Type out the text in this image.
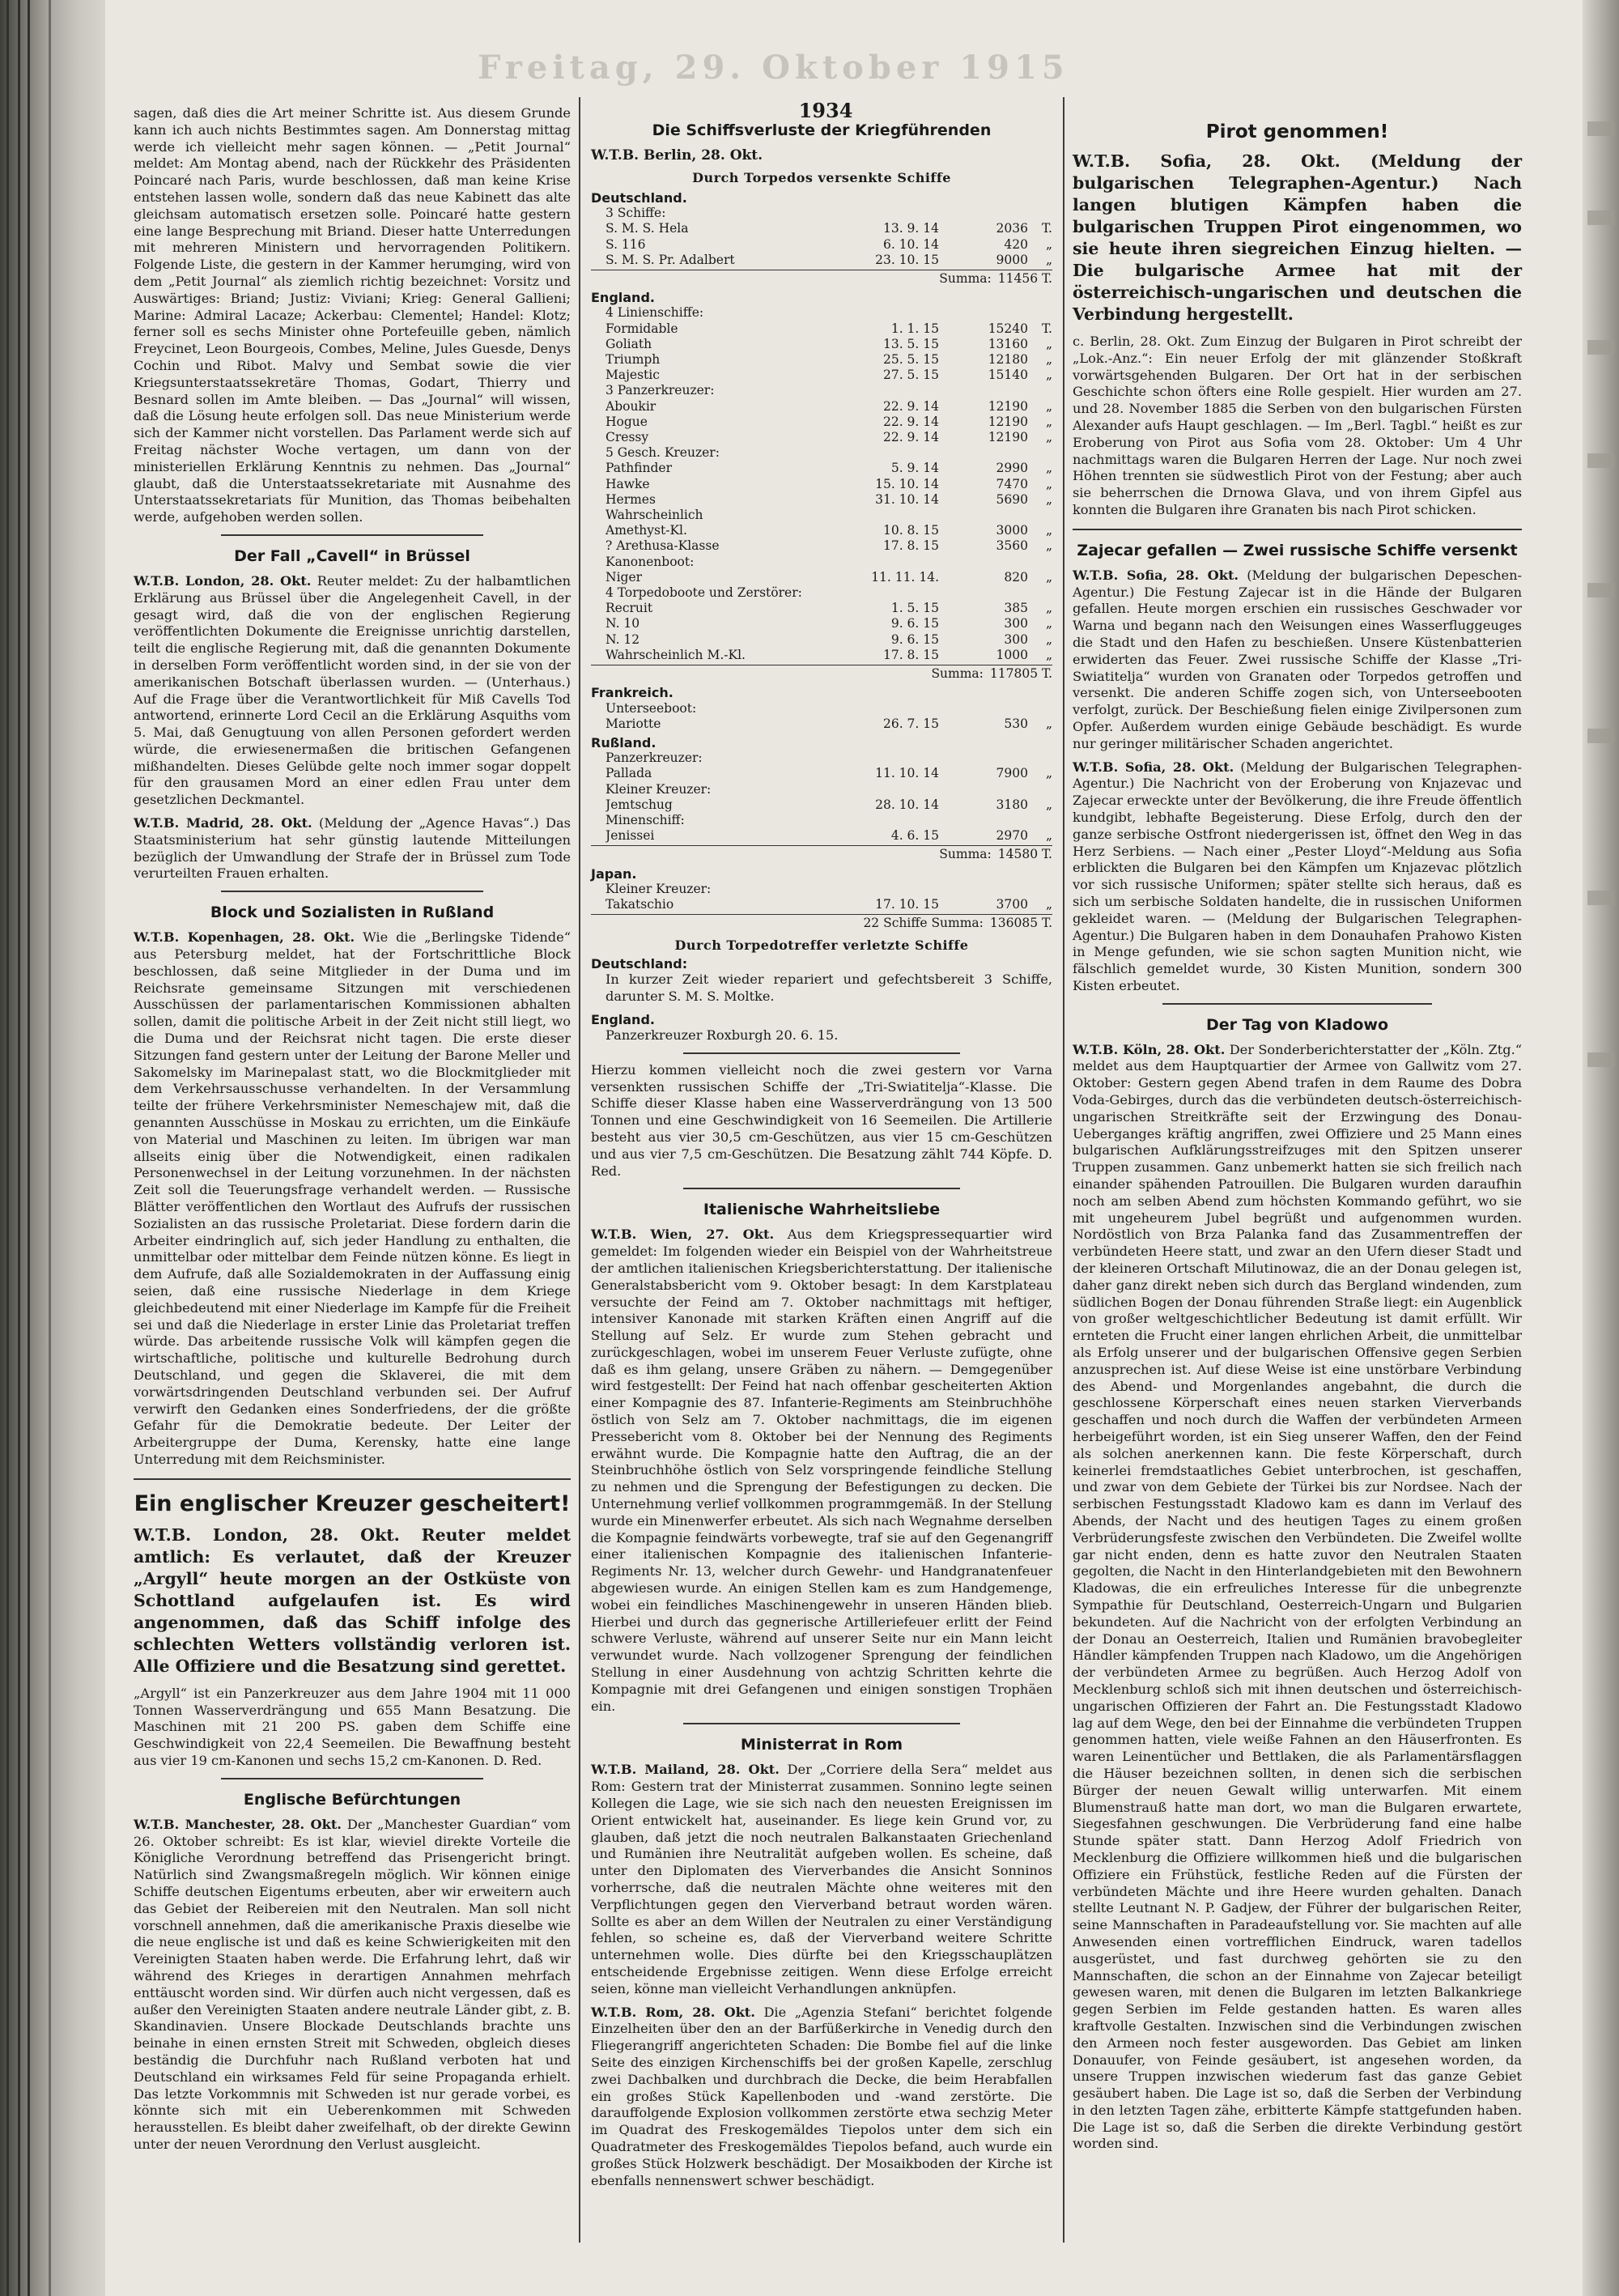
Freitag, 29. Oktober 1915
1934

sagen, daß dies die Art meiner Schritte ist. Aus diesem Grunde kann ich auch nichts Bestimmtes sagen. Am Donnerstag mittag werde ich vielleicht mehr sagen können. — „Petit Journal“ meldet: Am Montag abend, nach der Rückkehr des Präsidenten Poincaré nach Paris, wurde beschlossen, daß man keine Krise entstehen lassen wolle, sondern daß das neue Kabinett das alte gleichsam automatisch ersetzen solle. Poincaré hatte gestern eine lange Besprechung mit Briand. Dieser hatte Unterredungen mit mehreren Ministern und hervorragenden Politikern. Folgende Liste, die gestern in der Kammer herumging, wird von dem „Petit Journal“ als ziemlich richtig bezeichnet: Vorsitz und Auswärtiges: Briand; Justiz: Viviani; Krieg: General Gallieni; Marine: Admiral Lacaze; Ackerbau: Clementel; Handel: Klotz; ferner soll es sechs Minister ohne Portefeuille geben, nämlich Freycinet, Leon Bourgeois, Combes, Meline, Jules Guesde, Denys Cochin und Ribot. Malvy und Sembat sowie die vier Kriegsunterstaatssekretäre Thomas, Godart, Thierry und Besnard sollen im Amte bleiben. — Das „Journal“ will wissen, daß die Lösung heute erfolgen soll. Das neue Ministerium werde sich der Kammer nicht vorstellen. Das Parlament werde sich auf Freitag nächster Woche vertagen, um dann von der ministeriellen Erklärung Kenntnis zu nehmen. Das „Journal“ glaubt, daß die Unterstaatssekretariate mit Ausnahme des Unterstaatssekretariats für Munition, das Thomas beibehalten werde, aufgehoben werden sollen.

Der Fall „Cavell“ in Brüssel

W.T.B. London, 28. Okt. Reuter meldet: Zu der halbamtlichen Erklärung aus Brüssel über die Angelegenheit Cavell, in der gesagt wird, daß die von der englischen Regierung veröffentlichten Dokumente die Ereignisse unrichtig darstellen, teilt die englische Regierung mit, daß die genannten Dokumente in derselben Form veröffentlicht worden sind, in der sie von der amerikanischen Botschaft überlassen wurden. — (Unterhaus.) Auf die Frage über die Verantwortlichkeit für Miß Cavells Tod antwortend, erinnerte Lord Cecil an die Erklärung Asquiths vom 5. Mai, daß Genugtuung von allen Personen gefordert werden würde, die erwiesenermaßen die britischen Gefangenen mißhandelten. Dieses Gelübde gelte noch immer sogar doppelt für den grausamen Mord an einer edlen Frau unter dem gesetzlichen Deckmantel.

W.T.B. Madrid, 28. Okt. (Meldung der „Agence Havas“.) Das Staatsministerium hat sehr günstig lautende Mitteilungen bezüglich der Umwandlung der Strafe der in Brüssel zum Tode verurteilten Frauen erhalten.

Block und Sozialisten in Rußland

W.T.B. Kopenhagen, 28. Okt. Wie die „Berlingske Tidende“ aus Petersburg meldet, hat der Fortschrittliche Block beschlossen, daß seine Mitglieder in der Duma und im Reichsrate gemeinsame Sitzungen mit verschiedenen Ausschüssen der parlamentarischen Kommissionen abhalten sollen, damit die politische Arbeit in der Zeit nicht still liegt, wo die Duma und der Reichsrat nicht tagen. Die erste dieser Sitzungen fand gestern unter der Leitung der Barone Meller und Sakomelsky im Marinepalast statt, wo die Blockmitglieder mit dem Verkehrsausschusse verhandelten. In der Versammlung teilte der frühere Verkehrsminister Nemeschajew mit, daß die genannten Ausschüsse in Moskau zu errichten, um die Einkäufe von Material und Maschinen zu leiten. Im übrigen war man allseits einig über die Notwendigkeit, einen radikalen Personenwechsel in der Leitung vorzunehmen. In der nächsten Zeit soll die Teuerungsfrage verhandelt werden. — Russische Blätter veröffentlichen den Wortlaut des Aufrufs der russischen Sozialisten an das russische Proletariat. Diese fordern darin die Arbeiter eindringlich auf, sich jeder Handlung zu enthalten, die unmittelbar oder mittelbar dem Feinde nützen könne. Es liegt in dem Aufrufe, daß alle Sozialdemokraten in der Auffassung einig seien, daß eine russische Niederlage in dem Kriege gleichbedeutend mit einer Niederlage im Kampfe für die Freiheit sei und daß die Niederlage in erster Linie das Proletariat treffen würde. Das arbeitende russische Volk will kämpfen gegen die wirtschaftliche, politische und kulturelle Bedrohung durch Deutschland, und gegen die Sklaverei, die mit dem vorwärtsdringenden Deutschland verbunden sei. Der Aufruf verwirft den Gedanken eines Sonderfriedens, der die größte Gefahr für die Demokratie bedeute. Der Leiter der Arbeitergruppe der Duma, Kerensky, hatte eine lange Unterredung mit dem Reichsminister.

Ein englischer Kreuzer gescheitert!

W.T.B. London, 28. Okt. Reuter meldet amtlich: Es verlautet, daß der Kreuzer „Argyll“ heute morgen an der Ostküste von Schottland aufgelaufen ist. Es wird angenommen, daß das Schiff infolge des schlechten Wetters vollständig verloren ist. Alle Offiziere und die Besatzung sind gerettet.

„Argyll“ ist ein Panzerkreuzer aus dem Jahre 1904 mit 11 000 Tonnen Wasserverdrängung und 655 Mann Besatzung. Die Maschinen mit 21 200 PS. gaben dem Schiffe eine Geschwindigkeit von 22,4 Seemeilen. Die Bewaffnung besteht aus vier 19 cm-Kanonen und sechs 15,2 cm-Kanonen. D. Red.

Englische Befürchtungen

W.T.B. Manchester, 28. Okt. Der „Manchester Guardian“ vom 26. Oktober schreibt: Es ist klar, wieviel direkte Vorteile die Königliche Verordnung betreffend das Prisengericht bringt. Natürlich sind Zwangsmaßregeln möglich. Wir können einige Schiffe deutschen Eigentums erbeuten, aber wir erweitern auch das Gebiet der Reibereien mit den Neutralen. Man soll nicht vorschnell annehmen, daß die amerikanische Praxis dieselbe wie die neue englische ist und daß es keine Schwierigkeiten mit den Vereinigten Staaten haben werde. Die Erfahrung lehrt, daß wir während des Krieges in derartigen Annahmen mehrfach enttäuscht worden sind. Wir dürfen auch nicht vergessen, daß es außer den Vereinigten Staaten andere neutrale Länder gibt, z. B. Skandinavien. Unsere Blockade Deutschlands brachte uns beinahe in einen ernsten Streit mit Schweden, obgleich dieses beständig die Durchfuhr nach Rußland verboten hat und Deutschland ein wirksames Feld für seine Propaganda erhielt. Das letzte Vorkommnis mit Schweden ist nur gerade vorbei, es könnte sich mit ein Ueberenkommen mit Schweden herausstellen. Es bleibt daher zweifelhaft, ob der direkte Gewinn unter der neuen Verordnung den Verlust ausgleicht.

Die Schiffsverluste der Kriegführenden
W.T.B. Berlin, 28. Okt.
Durch Torpedos versenkte Schiffe
Deutschland.
3 Schiffe:
S. M. S. Hela	13. 9. 14	2036	T.
S. 116	6. 10. 14	420	„
S. M. S. Pr. Adalbert	23. 10. 15	9000	„
Summa: 11456 T.
England.
4 Linienschiffe:
Formidable	1. 1. 15	15240	T.
Goliath	13. 5. 15	13160	„
Triumph	25. 5. 15	12180	„
Majestic	27. 5. 15	15140	„
3 Panzerkreuzer:
Aboukir	22. 9. 14	12190	„
Hogue	22. 9. 14	12190	„
Cressy	22. 9. 14	12190	„
5 Gesch. Kreuzer:
Pathfinder	5. 9. 14	2990	„
Hawke	15. 10. 14	7470	„
Hermes	31. 10. 14	5690	„
Wahrscheinlich
Amethyst-Kl.	10. 8. 15	3000	„
? Arethusa-Klasse	17. 8. 15	3560	„
Kanonenboot:
Niger	11. 11. 14.	820	„
4 Torpedoboote und Zerstörer:
Recruit	1. 5. 15	385	„
N. 10	9. 6. 15	300	„
N. 12	9. 6. 15	300	„
Wahrscheinlich M.-Kl.	17. 8. 15	1000	„
Summa: 117805 T.
Frankreich.
Unterseeboot:
Mariotte	26. 7. 15	530	„
Rußland.
Panzerkreuzer:
Pallada	11. 10. 14	7900	„
Kleiner Kreuzer:
Jemtschug	28. 10. 14	3180	„
Minenschiff:
Jenissei	4. 6. 15	2970	„
Summa: 14580 T.
Japan.
Kleiner Kreuzer:
Takatschio	17. 10. 15	3700	„
22 Schiffe Summa: 136085 T.
Durch Torpedotreffer verletzte Schiffe
Deutschland:

In kurzer Zeit wieder repariert und gefechtsbereit 3 Schiffe, darunter S. M. S. Moltke.

England.

Panzerkreuzer Roxburgh 20. 6. 15.

Hierzu kommen vielleicht noch die zwei gestern vor Varna versenkten russischen Schiffe der „Tri-Swiatitelja“-Klasse. Die Schiffe dieser Klasse haben eine Wasserverdrängung von 13 500 Tonnen und eine Geschwindigkeit von 16 Seemeilen. Die Artillerie besteht aus vier 30,5 cm-Geschützen, aus vier 15 cm-Geschützen und aus vier 7,5 cm-Geschützen. Die Besatzung zählt 744 Köpfe. D. Red.

Italienische Wahrheitsliebe

W.T.B. Wien, 27. Okt. Aus dem Kriegspressequartier wird gemeldet: Im folgenden wieder ein Beispiel von der Wahrheitstreue der amtlichen italienischen Kriegsberichterstattung. Der italienische Generalstabsbericht vom 9. Oktober besagt: In dem Karstplateau versuchte der Feind am 7. Oktober nachmittags mit heftiger, intensiver Kanonade mit starken Kräften einen Angriff auf die Stellung auf Selz. Er wurde zum Stehen gebracht und zurückgeschlagen, wobei im unserem Feuer Verluste zufügte, ohne daß es ihm gelang, unsere Gräben zu nähern. — Demgegenüber wird festgestellt: Der Feind hat nach offenbar gescheiterten Aktion einer Kompagnie des 87. Infanterie-Regiments am Steinbruchhöhe östlich von Selz am 7. Oktober nachmittags, die im eigenen Pressebericht vom 8. Oktober bei der Nennung des Regiments erwähnt wurde. Die Kompagnie hatte den Auftrag, die an der Steinbruchhöhe östlich von Selz vorspringende feindliche Stellung zu nehmen und die Sprengung der Befestigungen zu decken. Die Unternehmung verlief vollkommen programmgemäß. In der Stellung wurde ein Minenwerfer erbeutet. Als sich nach Wegnahme derselben die Kompagnie feindwärts vorbewegte, traf sie auf den Gegenangriff einer italienischen Kompagnie des italienischen Infanterie-Regiments Nr. 13, welcher durch Gewehr- und Handgranatenfeuer abgewiesen wurde. An einigen Stellen kam es zum Handgemenge, wobei ein feindliches Maschinengewehr in unseren Händen blieb. Hierbei und durch das gegnerische Artilleriefeuer erlitt der Feind schwere Verluste, während auf unserer Seite nur ein Mann leicht verwundet wurde. Nach vollzogener Sprengung der feindlichen Stellung in einer Ausdehnung von achtzig Schritten kehrte die Kompagnie mit drei Gefangenen und einigen sonstigen Trophäen ein.

Ministerrat in Rom

W.T.B. Mailand, 28. Okt. Der „Corriere della Sera“ meldet aus Rom: Gestern trat der Ministerrat zusammen. Sonnino legte seinen Kollegen die Lage, wie sie sich nach den neuesten Ereignissen im Orient entwickelt hat, auseinander. Es liege kein Grund vor, zu glauben, daß jetzt die noch neutralen Balkanstaaten Griechenland und Rumänien ihre Neutralität aufgeben wollen. Es scheine, daß unter den Diplomaten des Vierverbandes die Ansicht Sonninos vorherrsche, daß die neutralen Mächte ohne weiteres mit den Verpflichtungen gegen den Vierverband betraut worden wären. Sollte es aber an dem Willen der Neutralen zu einer Verständigung fehlen, so scheine es, daß der Vierverband weitere Schritte unternehmen wolle. Dies dürfte bei den Kriegsschauplätzen entscheidende Ergebnisse zeitigen. Wenn diese Erfolge erreicht seien, könne man vielleicht Verhandlungen anknüpfen.

W.T.B. Rom, 28. Okt. Die „Agenzia Stefani“ berichtet folgende Einzelheiten über den an der Barfüßerkirche in Venedig durch den Fliegerangriff angerichteten Schaden: Die Bombe fiel auf die linke Seite des einzigen Kirchenschiffs bei der großen Kapelle, zerschlug zwei Dachbalken und durchbrach die Decke, die beim Herabfallen ein großes Stück Kapellenboden und -wand zerstörte. Die darauffolgende Explosion vollkommen zerstörte etwa sechzig Meter im Quadrat des Freskogemäldes Tiepolos unter dem sich ein Quadratmeter des Freskogemäldes Tiepolos befand, auch wurde ein großes Stück Holzwerk beschädigt. Der Mosaikboden der Kirche ist ebenfalls nennenswert schwer beschädigt.

Pirot genommen!

W.T.B. Sofia, 28. Okt. (Meldung der bulgarischen Telegraphen-Agentur.) Nach langen blutigen Kämpfen haben die bulgarischen Truppen Pirot eingenommen, wo sie heute ihren siegreichen Einzug hielten. — Die bulgarische Armee hat mit der österreichisch-ungarischen und deutschen die Verbindung hergestellt.

c. Berlin, 28. Okt. Zum Einzug der Bulgaren in Pirot schreibt der „Lok.-Anz.“: Ein neuer Erfolg der mit glänzender Stoßkraft vorwärtsgehenden Bulgaren. Der Ort hat in der serbischen Geschichte schon öfters eine Rolle gespielt. Hier wurden am 27. und 28. November 1885 die Serben von den bulgarischen Fürsten Alexander aufs Haupt geschlagen. — Im „Berl. Tagbl.“ heißt es zur Eroberung von Pirot aus Sofia vom 28. Oktober: Um 4 Uhr nachmittags waren die Bulgaren Herren der Lage. Nur noch zwei Höhen trennten sie südwestlich Pirot von der Festung; aber auch sie beherrschen die Drnowa Glava, und von ihrem Gipfel aus konnten die Bulgaren ihre Granaten bis nach Pirot schicken.

Zajecar gefallen — Zwei russische Schiffe versenkt

W.T.B. Sofia, 28. Okt. (Meldung der bulgarischen Depeschen-Agentur.) Die Festung Zajecar ist in die Hände der Bulgaren gefallen. Heute morgen erschien ein russisches Geschwader vor Warna und begann nach den Weisungen eines Wasserfluggeuges die Stadt und den Hafen zu beschießen. Unsere Küstenbatterien erwiderten das Feuer. Zwei russische Schiffe der Klasse „Tri-Swiatitelja“ wurden von Granaten oder Torpedos getroffen und versenkt. Die anderen Schiffe zogen sich, von Unterseebooten verfolgt, zurück. Der Beschießung fielen einige Zivilpersonen zum Opfer. Außerdem wurden einige Gebäude beschädigt. Es wurde nur geringer militärischer Schaden angerichtet.

W.T.B. Sofia, 28. Okt. (Meldung der Bulgarischen Telegraphen-Agentur.) Die Nachricht von der Eroberung von Knjazevac und Zajecar erweckte unter der Bevölkerung, die ihre Freude öffentlich kundgibt, lebhafte Begeisterung. Diese Erfolg, durch den der ganze serbische Ostfront niedergerissen ist, öffnet den Weg in das Herz Serbiens. — Nach einer „Pester Lloyd“-Meldung aus Sofia erblickten die Bulgaren bei den Kämpfen um Knjazevac plötzlich vor sich russische Uniformen; später stellte sich heraus, daß es sich um serbische Soldaten handelte, die in russischen Uniformen gekleidet waren. — (Meldung der Bulgarischen Telegraphen-Agentur.) Die Bulgaren haben in dem Donauhafen Prahowo Kisten in Menge gefunden, wie sie schon sagten Munition nicht, wie fälschlich gemeldet wurde, 30 Kisten Munition, sondern 300 Kisten erbeutet.

Der Tag von Kladowo

W.T.B. Köln, 28. Okt. Der Sonderberichterstatter der „Köln. Ztg.“ meldet aus dem Hauptquartier der Armee von Gallwitz vom 27. Oktober: Gestern gegen Abend trafen in dem Raume des Dobra Voda-Gebirges, durch das die verbündeten deutsch-österreichisch-ungarischen Streitkräfte seit der Erzwingung des Donau-Ueberganges kräftig angriffen, zwei Offiziere und 25 Mann eines bulgarischen Aufklärungsstreifzuges mit den Spitzen unserer Truppen zusammen. Ganz unbemerkt hatten sie sich freilich nach einander spähenden Patrouillen. Die Bulgaren wurden daraufhin noch am selben Abend zum höchsten Kommando geführt, wo sie mit ungeheurem Jubel begrüßt und aufgenommen wurden. Nordöstlich von Brza Palanka fand das Zusammentreffen der verbündeten Heere statt, und zwar an den Ufern dieser Stadt und der kleineren Ortschaft Milutinowaz, die an der Donau gelegen ist, daher ganz direkt neben sich durch das Bergland windenden, zum südlichen Bogen der Donau führenden Straße liegt: ein Augenblick von großer weltgeschichtlicher Bedeutung ist damit erfüllt. Wir ernteten die Frucht einer langen ehrlichen Arbeit, die unmittelbar als Erfolg unserer und der bulgarischen Offensive gegen Serbien anzusprechen ist. Auf diese Weise ist eine unstörbare Verbindung des Abend- und Morgenlandes angebahnt, die durch die geschlossene Körperschaft eines neuen starken Vierverbands geschaffen und noch durch die Waffen der verbündeten Armeen herbeigeführt worden, ist ein Sieg unserer Waffen, den der Feind als solchen anerkennen kann. Die feste Körperschaft, durch keinerlei fremdstaatliches Gebiet unterbrochen, ist geschaffen, und zwar von dem Gebiete der Türkei bis zur Nordsee. Nach der serbischen Festungsstadt Kladowo kam es dann im Verlauf des Abends, der Nacht und des heutigen Tages zu einem großen Verbrüderungsfeste zwischen den Verbündeten. Die Zweifel wollte gar nicht enden, denn es hatte zuvor den Neutralen Staaten gegolten, die Nacht in den Hinterlandgebieten mit den Bewohnern Kladowas, die ein erfreuliches Interesse für die unbegrenzte Sympathie für Deutschland, Oesterreich-Ungarn und Bulgarien bekundeten. Auf die Nachricht von der erfolgten Verbindung an der Donau an Oesterreich, Italien und Rumänien bravobegleiter Händler kämpfenden Truppen nach Kladowo, um die Angehörigen der verbündeten Armee zu begrüßen. Auch Herzog Adolf von Mecklenburg schloß sich mit ihnen deutschen und österreichisch-ungarischen Offizieren der Fahrt an. Die Festungsstadt Kladowo lag auf dem Wege, den bei der Einnahme die verbündeten Truppen genommen hatten, viele weiße Fahnen an den Häuserfronten. Es waren Leinentücher und Bettlaken, die als Parlamentärsflaggen die Häuser bezeichnen sollten, in denen sich die serbischen Bürger der neuen Gewalt willig unterwarfen. Mit einem Blumenstrauß hatte man dort, wo man die Bulgaren erwartete, Siegesfahnen geschwungen. Die Verbrüderung fand eine halbe Stunde später statt. Dann Herzog Adolf Friedrich von Mecklenburg die Offiziere willkommen hieß und die bulgarischen Offiziere ein Frühstück, festliche Reden auf die Fürsten der verbündeten Mächte und ihre Heere wurden gehalten. Danach stellte Leutnant N. P. Gadjew, der Führer der bulgarischen Reiter, seine Mannschaften in Paradeaufstellung vor. Sie machten auf alle Anwesenden einen vortrefflichen Eindruck, waren tadellos ausgerüstet, und fast durchweg gehörten sie zu den Mannschaften, die schon an der Einnahme von Zajecar beteiligt gewesen waren, mit denen die Bulgaren im letzten Balkankriege gegen Serbien im Felde gestanden hatten. Es waren alles kraftvolle Gestalten. Inzwischen sind die Verbindungen zwischen den Armeen noch fester ausgeworden. Das Gebiet am linken Donauufer, von Feinde gesäubert, ist angesehen worden, da unsere Truppen inzwischen wiederum fast das ganze Gebiet gesäubert haben. Die Lage ist so, daß die Serben der Verbindung in den letzten Tagen zähe, erbitterte Kämpfe stattgefunden haben. Die Lage ist so, daß die Serben die direkte Verbindung gestört worden sind.
